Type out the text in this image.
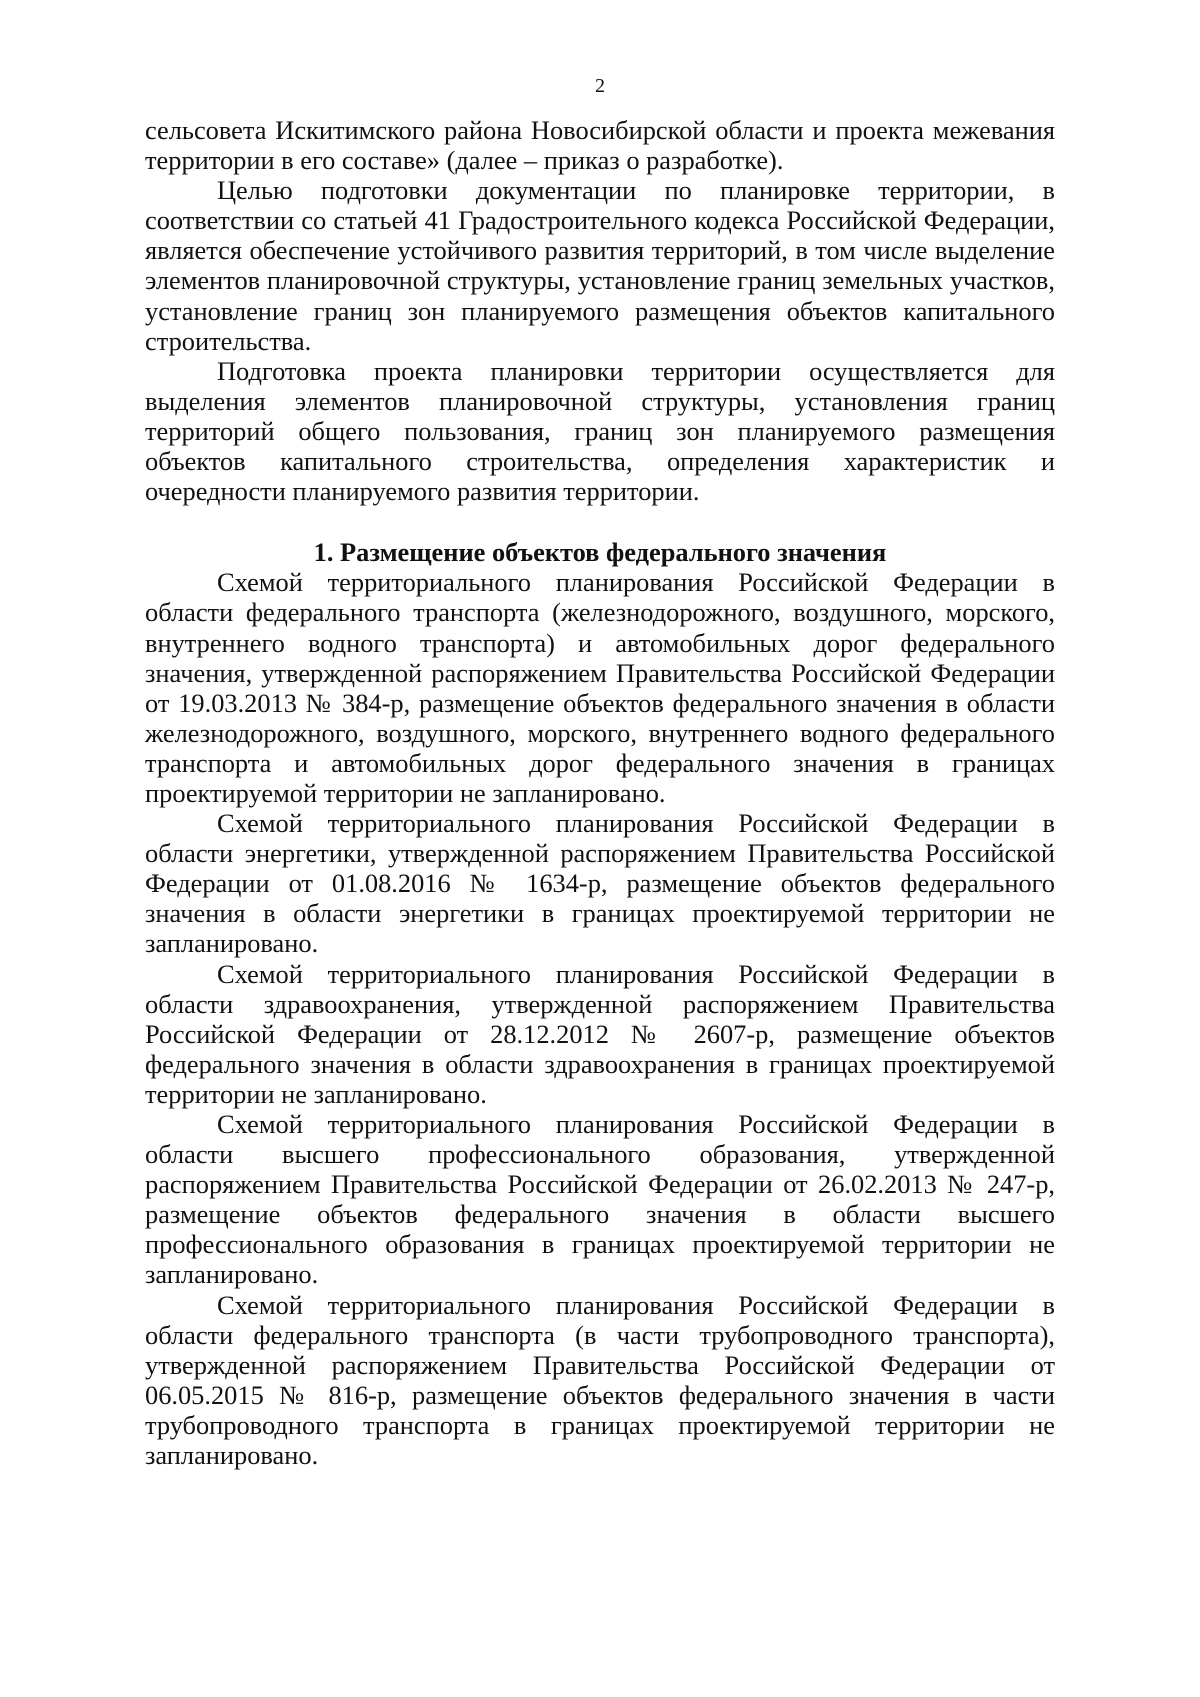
2

сельсовета Искитимского района Новосибирской области и проекта межевания территории в его составе» (далее – приказ о разработке).

Целью подготовки документации по планировке территории, в соответствии со статьей 41 Градостроительного кодекса Российской Федерации, является обеспечение устойчивого развития территорий, в том числе выделение элементов планировочной структуры, установление границ земельных участков, установление границ зон планируемого размещения объектов капитального строительства.

Подготовка проекта планировки территории осуществляется для выделения элементов планировочной структуры, установления границ территорий общего пользования, границ зон планируемого размещения объектов капитального строительства, определения характеристик и очередности планируемого развития территории.

1. Размещение объектов федерального значения

Схемой территориального планирования Российской Федерации в области федерального транспорта (железнодорожного, воздушного, морского, внутреннего водного транспорта) и автомобильных дорог федерального значения, утвержденной распоряжением Правительства Российской Федерации от 19.03.2013 № 384-р, размещение объектов федерального значения в области железнодорожного, воздушного, морского, внутреннего водного федерального транспорта и автомобильных дорог федерального значения в границах проектируемой территории не запланировано.

Схемой территориального планирования Российской Федерации в области энергетики, утвержденной распоряжением Правительства Российской Федерации от 01.08.2016 № 1634-р, размещение объектов федерального значения в области энергетики в границах проектируемой территории не запланировано.

Схемой территориального планирования Российской Федерации в области здравоохранения, утвержденной распоряжением Правительства Российской Федерации от 28.12.2012 № 2607-р, размещение объектов федерального значения в области здравоохранения в границах проектируемой территории не запланировано.

Схемой территориального планирования Российской Федерации в области высшего профессионального образования, утвержденной распоряжением Правительства Российской Федерации от 26.02.2013 № 247-р, размещение объектов федерального значения в области высшего профессионального образования в границах проектируемой территории не запланировано.

Схемой территориального планирования Российской Федерации в области федерального транспорта (в части трубопроводного транспорта), утвержденной распоряжением Правительства Российской Федерации от 06.05.2015 № 816-р, размещение объектов федерального значения в части трубопроводного транспорта в границах проектируемой территории не запланировано.
